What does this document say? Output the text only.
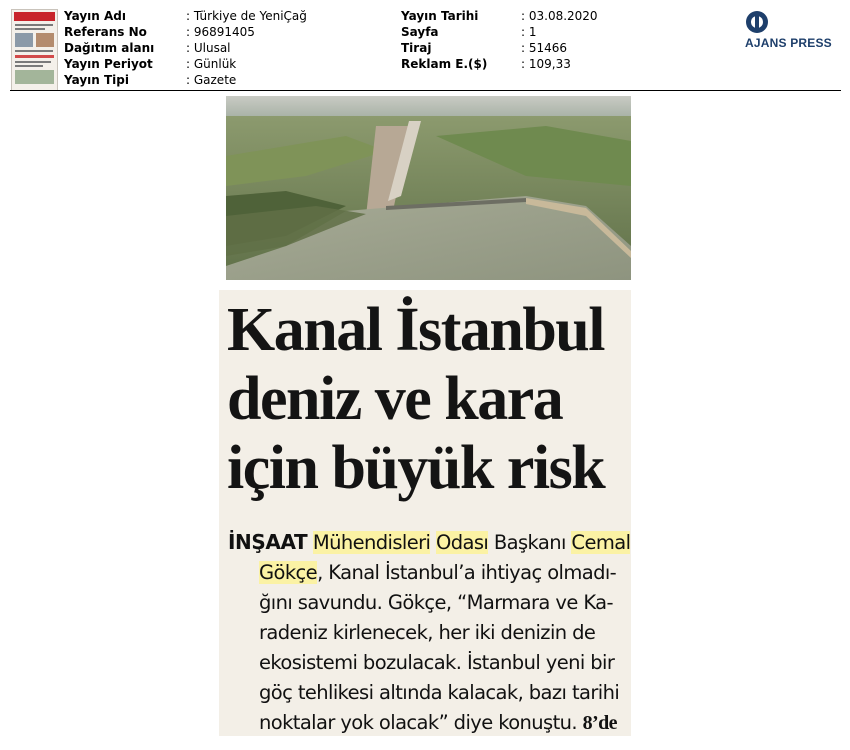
Yayın Adı	: Türkiye de YeniÇağ
Referans No	: 96891405
Dağıtım alanı	: Ulusal
Yayın Periyot	: Günlük
Yayın Tipi	: Gazete
Yayın Tarihi	: 03.08.2020
Sayfa	: 1
Tiraj	: 51466
Reklam E.($)	: 109,33
AJANS PRESS
Kanal İstanbul
deniz ve kara
için büyük risk
İNŞAAT Mühendisleri Odası Başkanı Cemal
Gökçe, Kanal İstanbul’a ihtiyaç olmadı-
ğını savundu. Gökçe, “Marmara ve Ka-
radeniz kirlenecek, her iki denizin de
ekosistemi bozulacak. İstanbul yeni bir
göç tehlikesi altında kalacak, bazı tarihi
noktalar yok olacak” diye konuştu. 8’de
